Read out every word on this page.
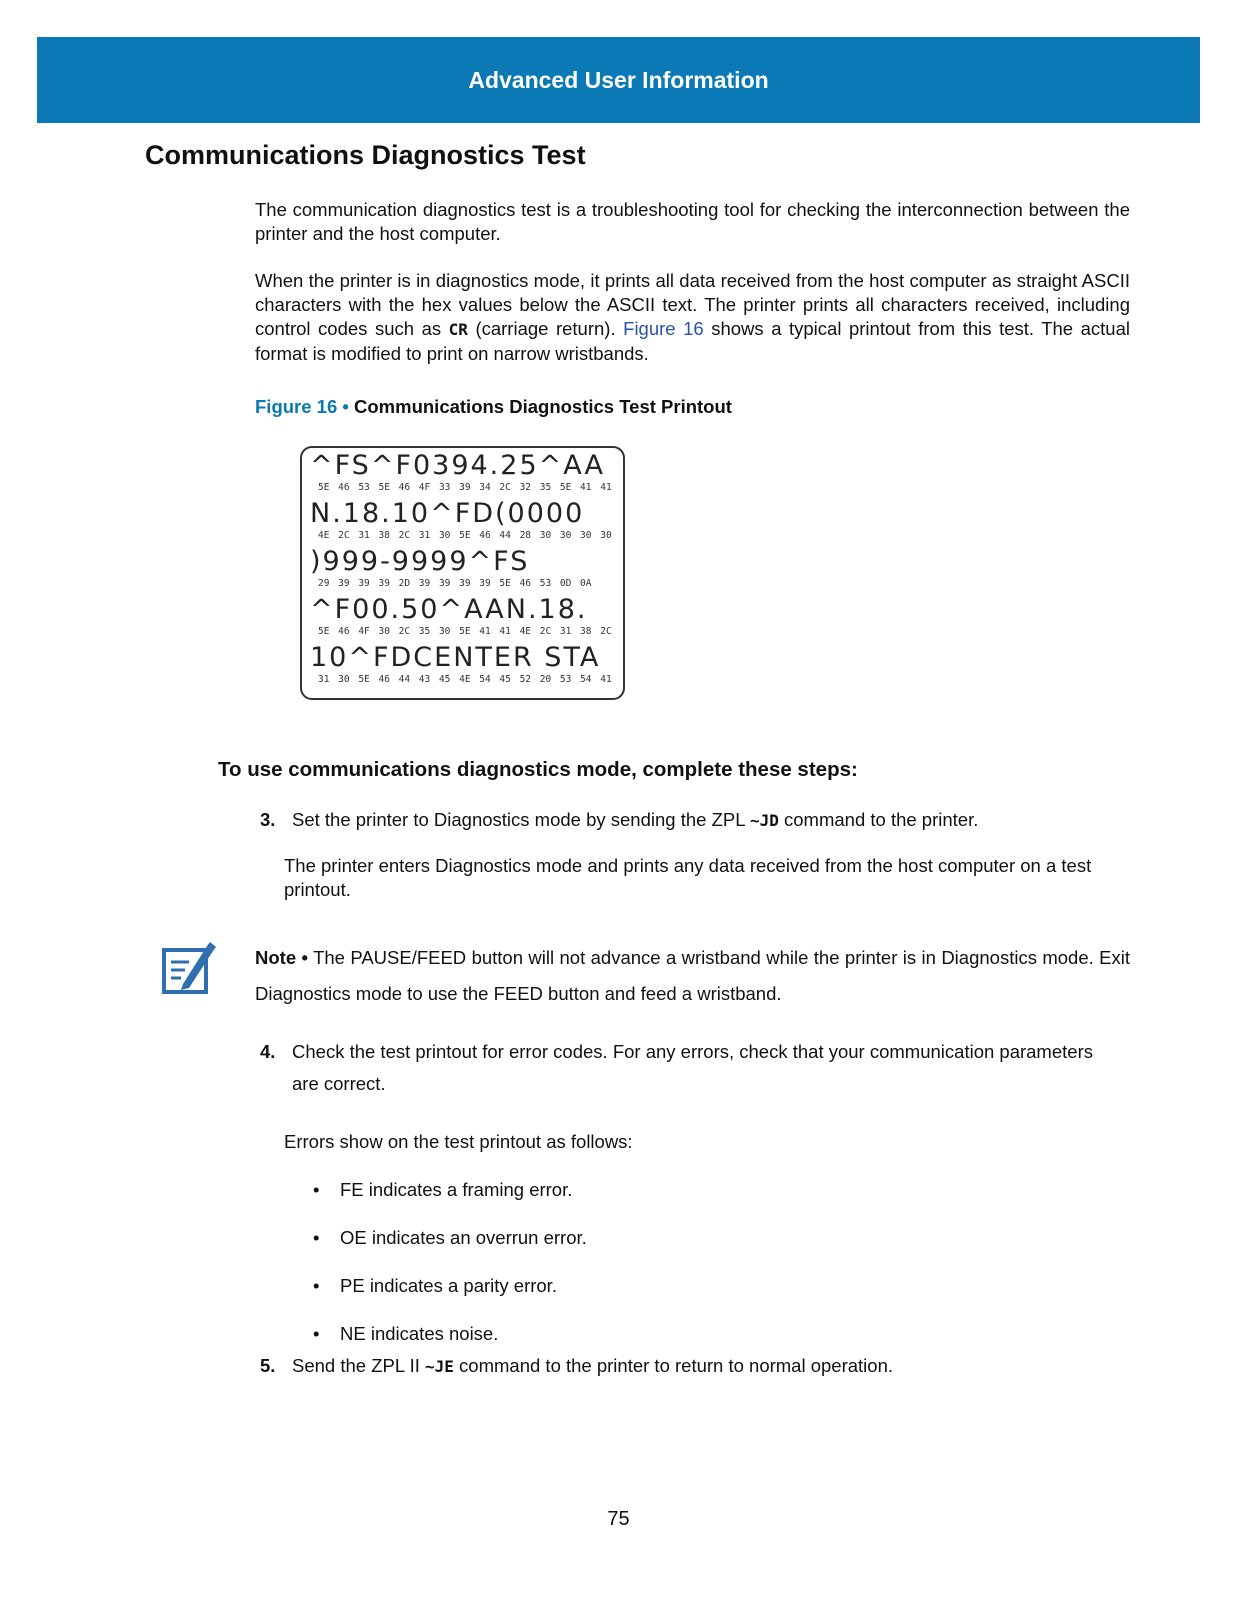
Advanced User Information
Communications Diagnostics Test

The communication diagnostics test is a troubleshooting tool for checking the interconnection between the printer and the host computer.

When the printer is in diagnostics mode, it prints all data received from the host computer as straight ASCII characters with the hex values below the ASCII text. The printer prints all characters received, including control codes such as CR (carriage return). Figure 16 shows a typical printout from this test. The actual format is modified to print on narrow wristbands.

Figure 16 • Communications Diagnostics Test Printout

^FS^F0394.25^AA
5E 46 53 5E 46 4F 33 39 34 2C 32 35 5E 41 41
N.18.10^FD(0000
4E 2C 31 38 2C 31 30 5E 46 44 28 30 30 30 30
)999-9999^FS
29 39 39 39 2D 39 39 39 39 5E 46 53 0D 0A
^F00.50^AAN.18.
5E 46 4F 30 2C 35 30 5E 41 41 4E 2C 31 38 2C
10^FDCENTER STA
31 30 5E 46 44 43 45 4E 54 45 52 20 53 54 41
To use communications diagnostics mode, complete these steps:
3. Set the printer to Diagnostics mode by sending the ZPL ~JD command to the printer.

The printer enters Diagnostics mode and prints any data received from the host computer on a test printout.

Note • The PAUSE/FEED button will not advance a wristband while the printer is in Diagnostics mode. Exit Diagnostics mode to use the FEED button and feed a wristband.

4. Check the test printout for error codes. For any errors, check that your communication parameters are correct.

Errors show on the test printout as follows:

• FE indicates a framing error.
• OE indicates an overrun error.
• PE indicates a parity error.
• NE indicates noise.
5. Send the ZPL II ~JE command to the printer to return to normal operation.
75
